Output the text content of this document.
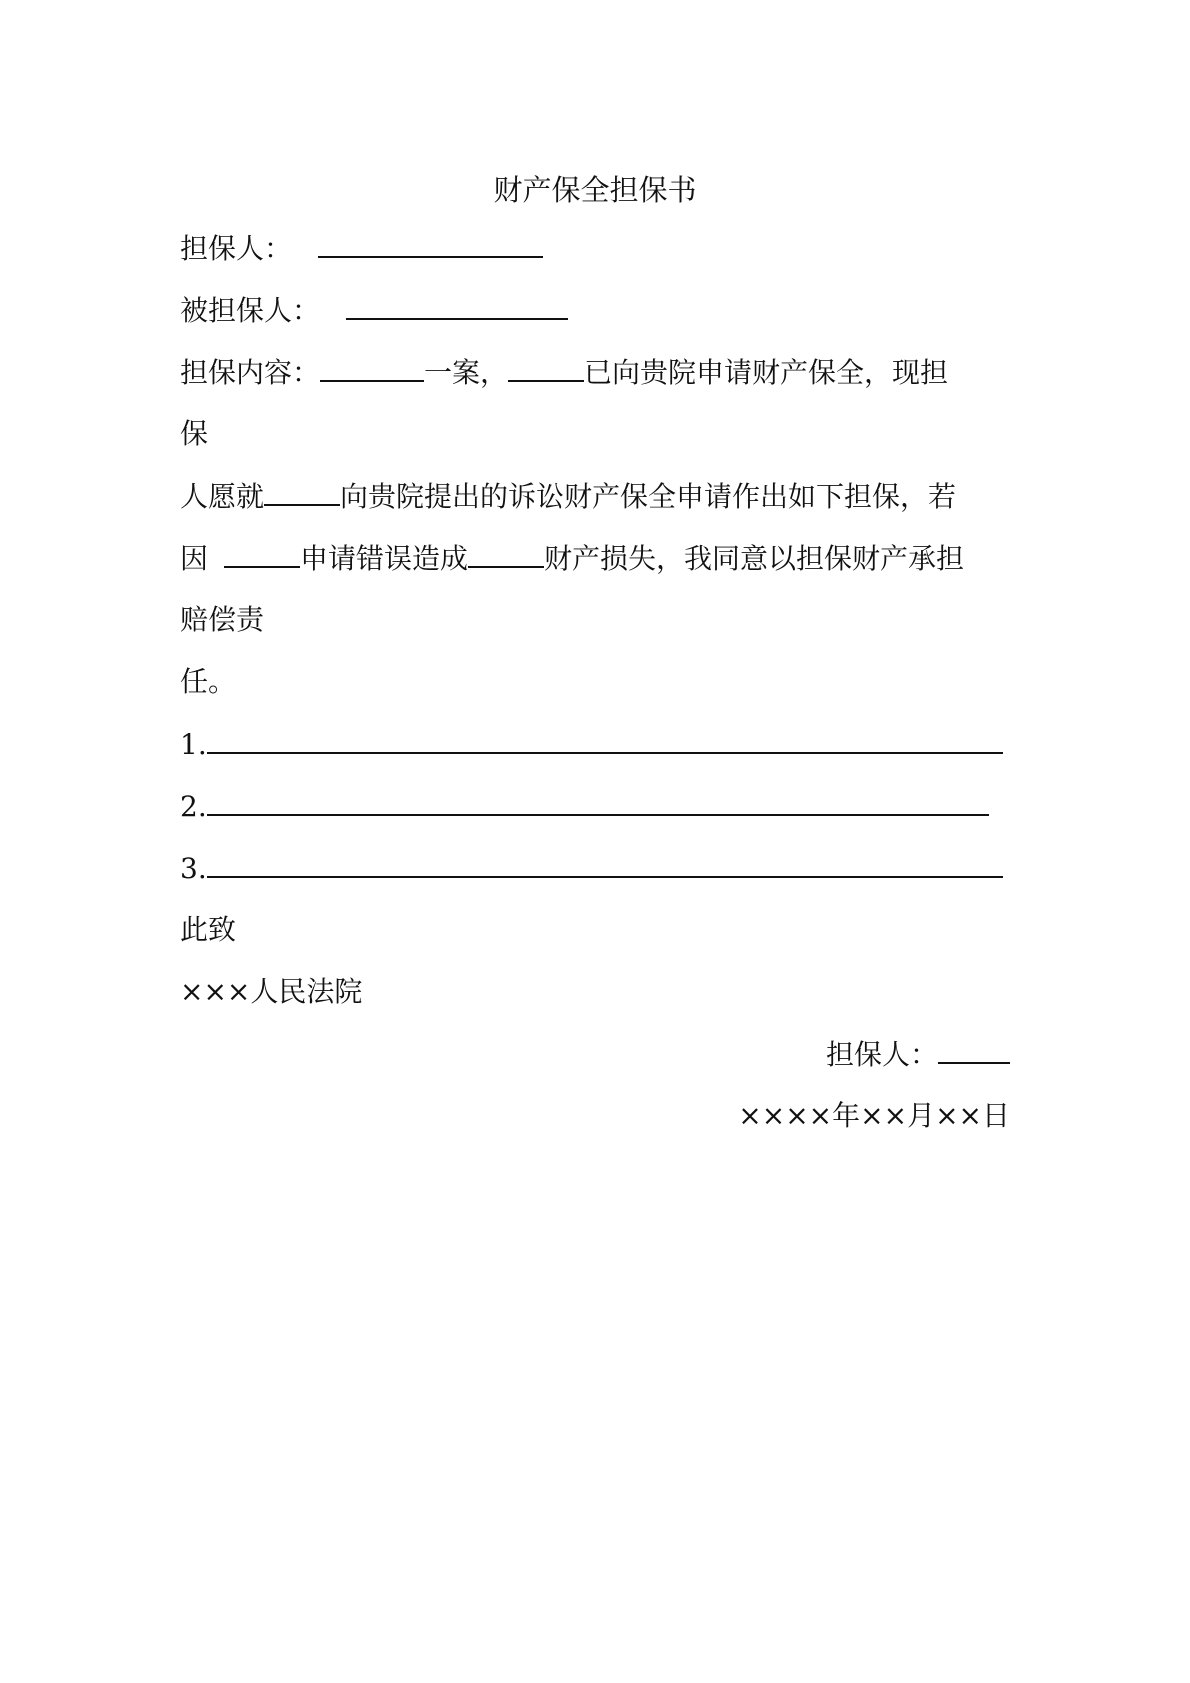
财产保全担保书
担保人：
被担保人：
担保内容：	一案，	已向贵院申请财产保全，现担
保
人愿就	向贵院提出的诉讼财产保全申请作出如下担保，若
因	申请错误造成	财产损失，我同意以担保财产承担
赔偿责
任。
1.
2.
3.
此致
×××人民法院
担保人：
××××年××月××日
